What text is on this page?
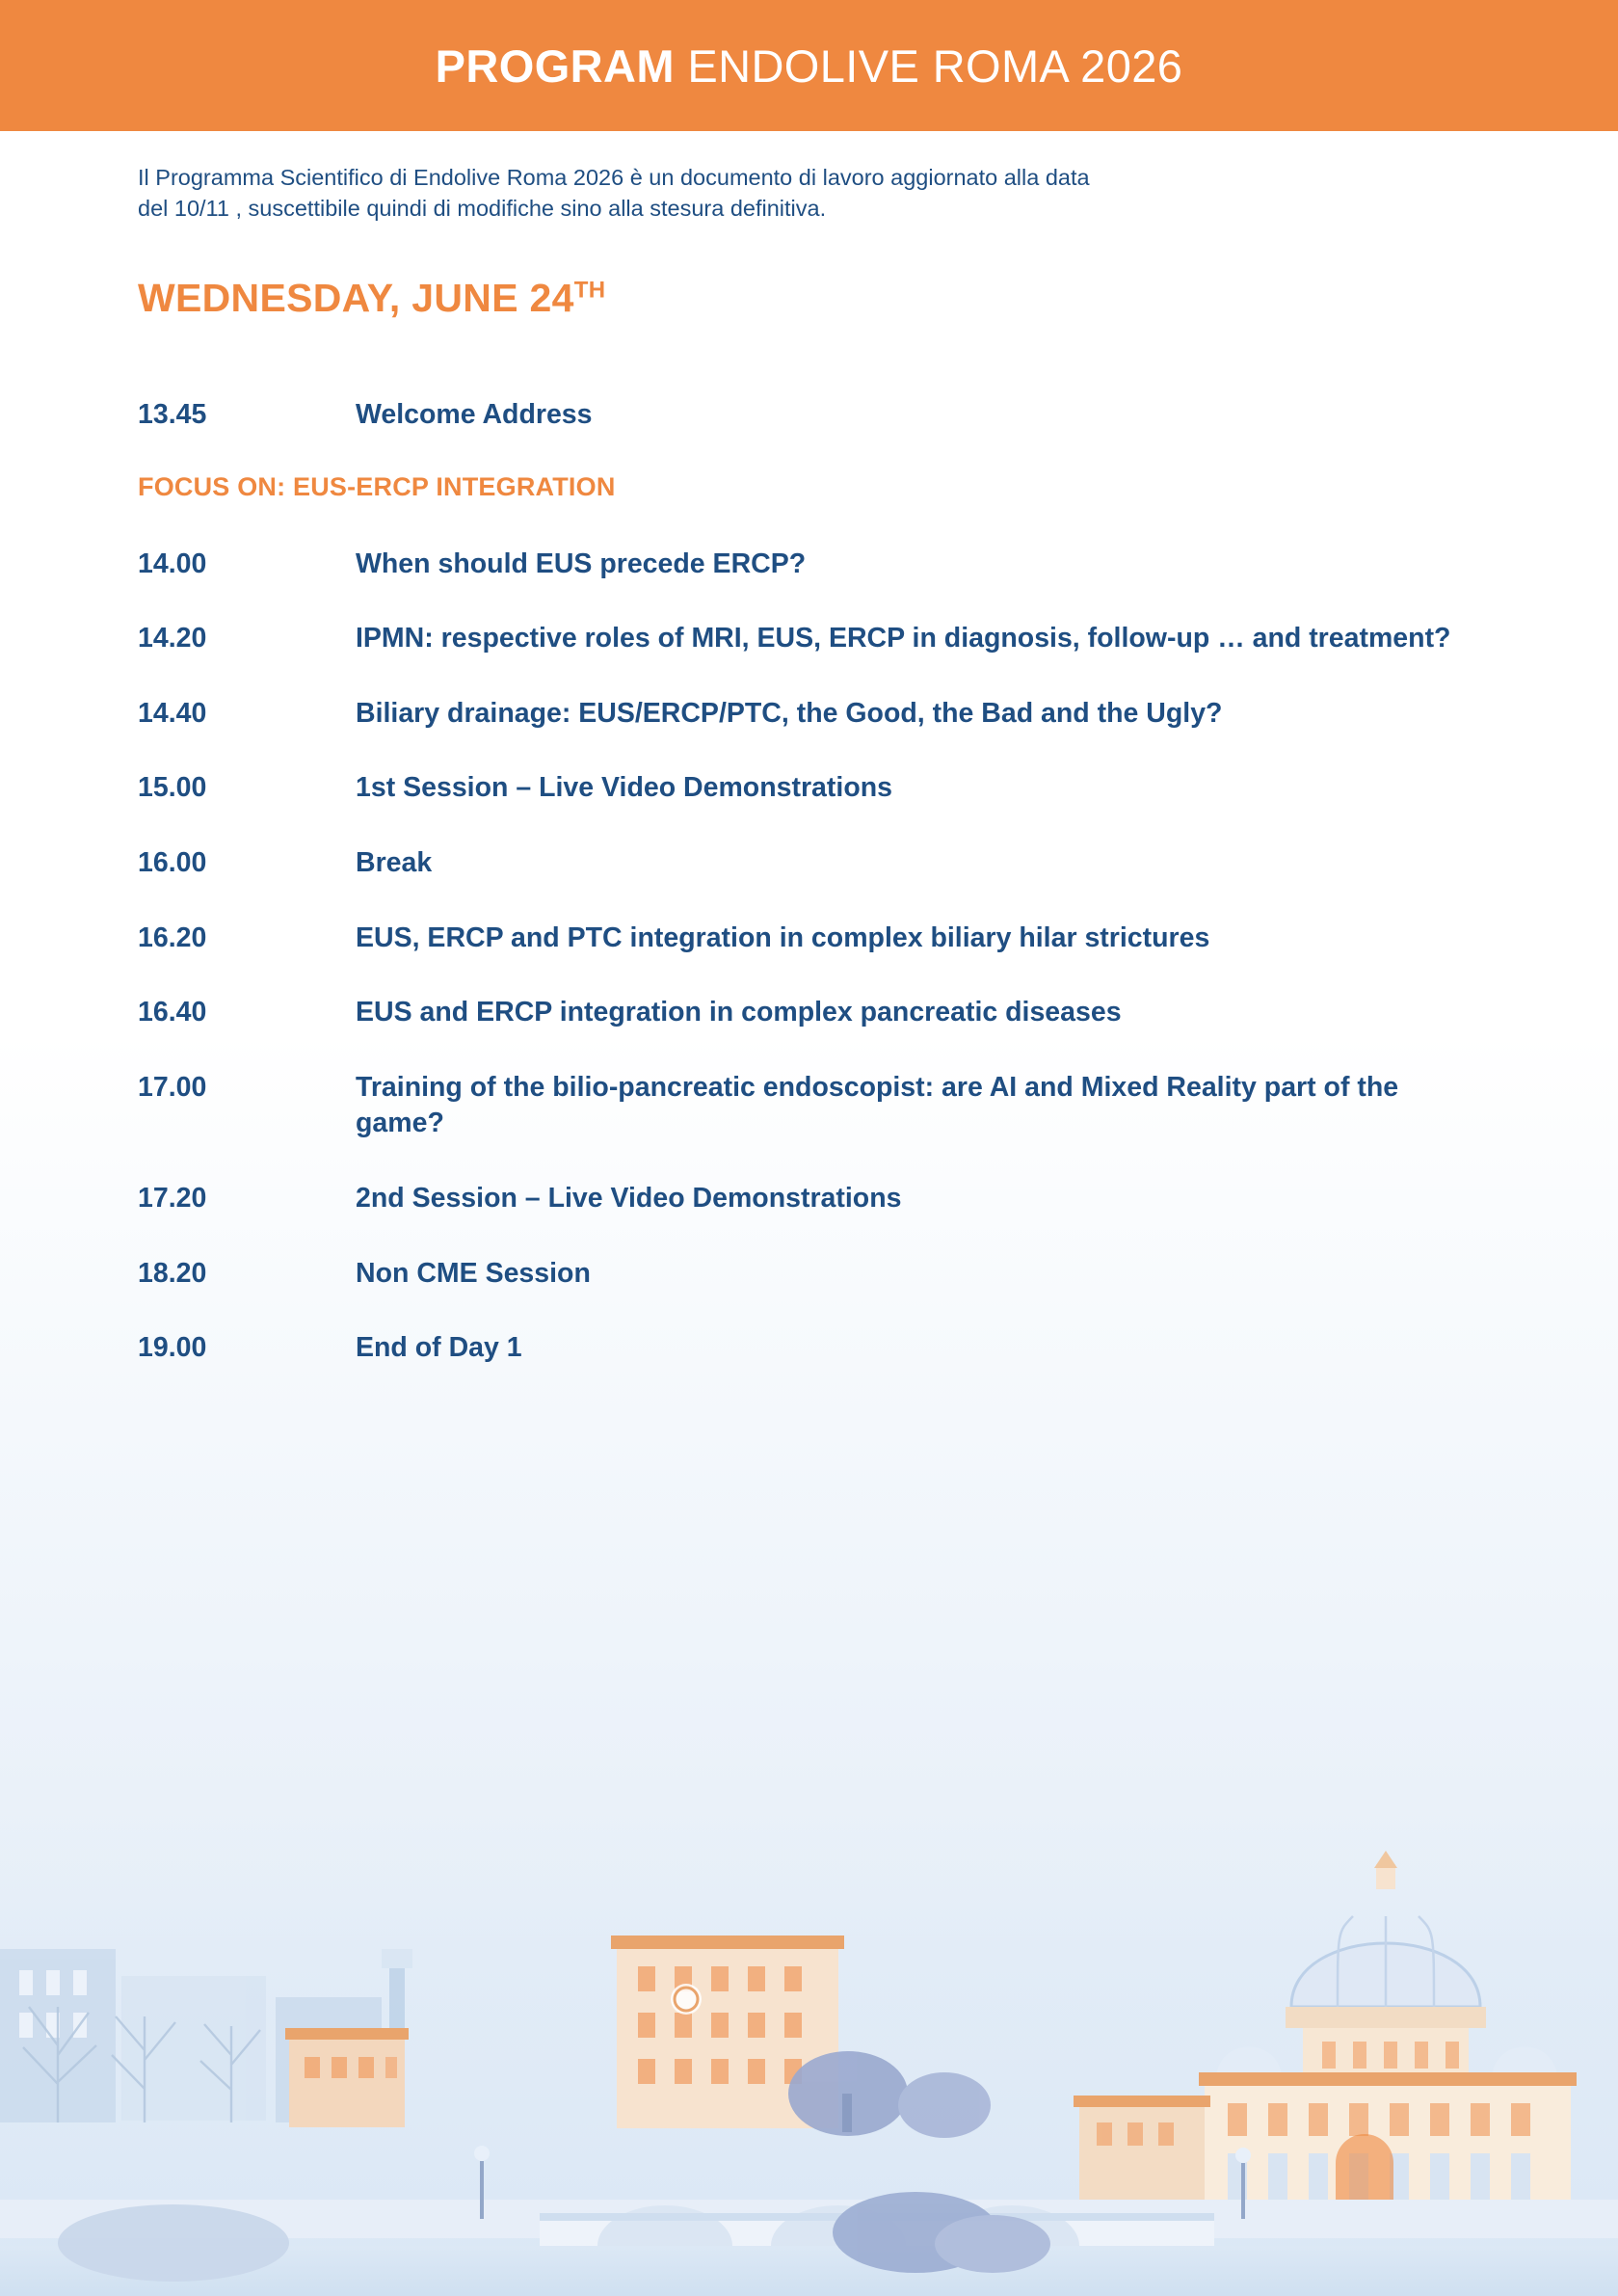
PROGRAM ENDOLIVE ROMA 2026
Il Programma Scientifico di Endolive Roma 2026 è un documento di lavoro aggiornato alla data
del 10/11 , suscettibile quindi di modifiche sino alla stesura definitiva.
WEDNESDAY, JUNE 24TH
13.45	Welcome Address
FOCUS ON: EUS-ERCP INTEGRATION
14.00	When should EUS precede ERCP?
14.20	IPMN: respective roles of MRI, EUS, ERCP in diagnosis, follow-up … and treatment?
14.40	Biliary drainage: EUS/ERCP/PTC, the Good, the Bad and the Ugly?
15.00	1st Session – Live Video Demonstrations
16.00	Break
16.20	EUS, ERCP and PTC integration in complex biliary hilar strictures
16.40	EUS and ERCP integration in complex pancreatic diseases
17.00	Training of the bilio-pancreatic endoscopist: are AI and Mixed Reality part of the game?
17.20	2nd Session – Live Video Demonstrations
18.20	Non CME Session
19.00	End of Day 1
